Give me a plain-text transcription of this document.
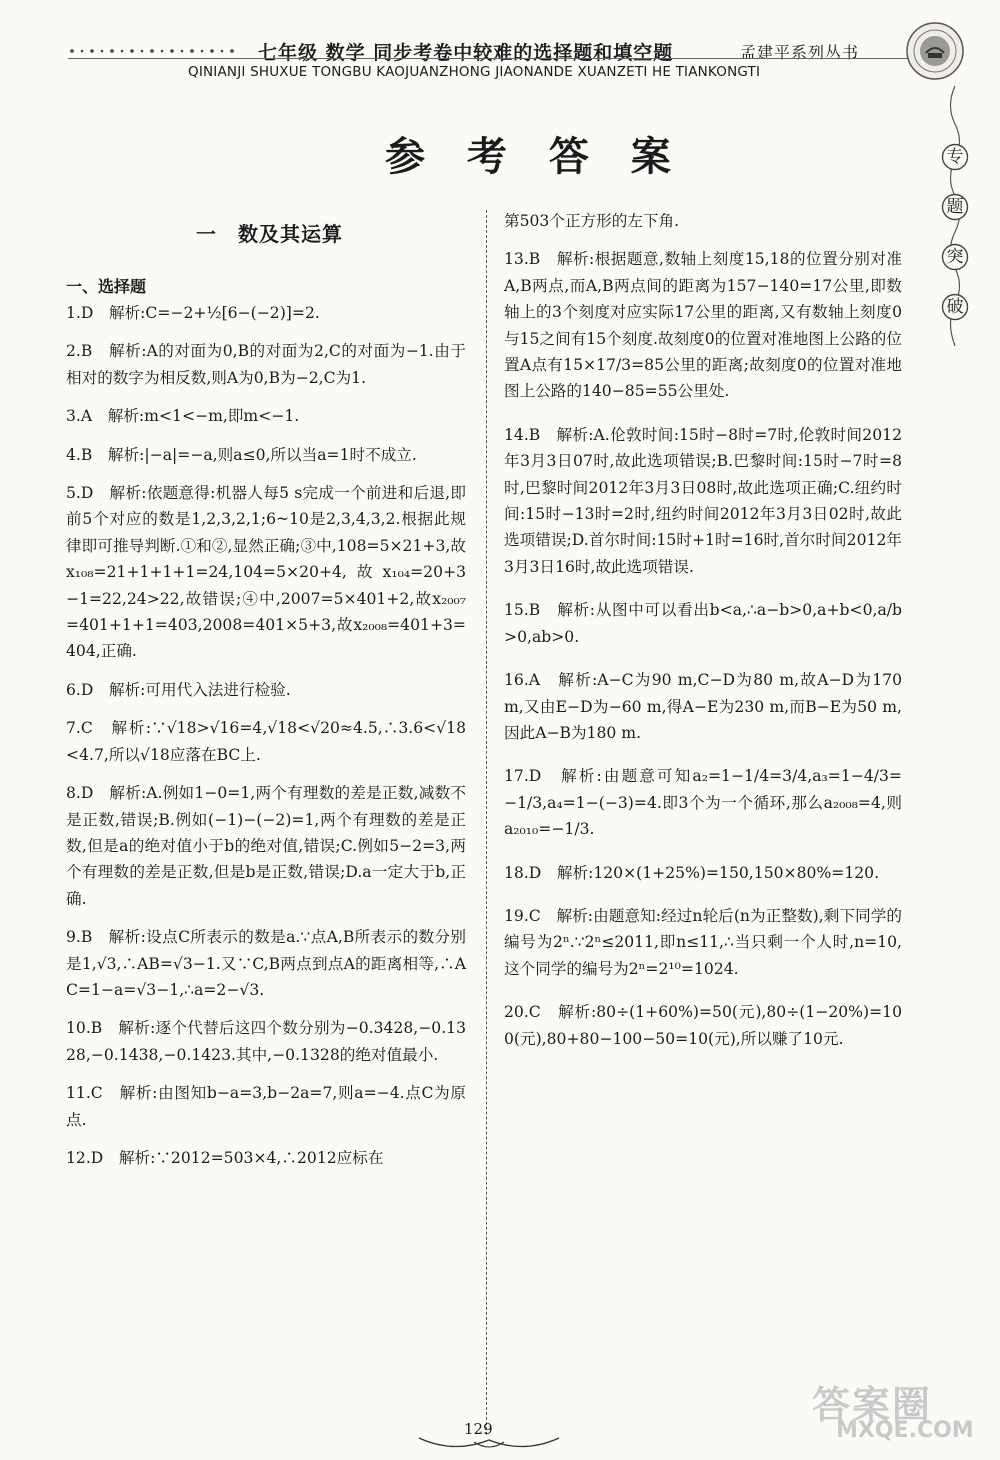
七年级 数学 同步考卷中较难的选择题和填空题	孟建平系列丛书
QINIANJI SHUXUE TONGBU KAOJUANZHONG JIAONANDE XUANZETI HE TIANKONGTI
专
题
突
破
参 考 答 案
一　数及其运算
一、选择题

1.D　解析:C=−2+½[6−(−2)]=2.

2.B　解析:A的对面为0,B的对面为2,C的对面为−1.由于相对的数字为相反数,则A为0,B为−2,C为1.

3.A　解析:m<1<−m,即m<−1.

4.B　解析:|−a|=−a,则a≤0,所以当a=1时不成立.

5.D　解析:依题意得:机器人每5 s完成一个前进和后退,即前5个对应的数是1,2,3,2,1;6~10是2,3,4,3,2.根据此规律即可推导判断.①和②,显然正确;③中,108=5×21+3,故x₁₀₈=21+1+1+1=24,104=5×20+4,故x₁₀₄=20+3−1=22,24>22,故错误;④中,2007=5×401+2,故x₂₀₀₇=401+1+1=403,2008=401×5+3,故x₂₀₀₈=401+3=404,正确.

6.D　解析:可用代入法进行检验.

7.C　解析:∵√18>√16=4,√18<√20≈4.5,∴3.6<√18<4.7,所以√18应落在BC上.

8.D　解析:A.例如1−0=1,两个有理数的差是正数,减数不是正数,错误;B.例如(−1)−(−2)=1,两个有理数的差是正数,但是a的绝对值小于b的绝对值,错误;C.例如5−2=3,两个有理数的差是正数,但是b是正数,错误;D.a一定大于b,正确.

9.B　解析:设点C所表示的数是a.∵点A,B所表示的数分别是1,√3,∴AB=√3−1.又∵C,B两点到点A的距离相等,∴AC=1−a=√3−1,∴a=2−√3.

10.B　解析:逐个代替后这四个数分别为−0.3428,−0.1328,−0.1438,−0.1423.其中,−0.1328的绝对值最小.

11.C　解析:由图知b−a=3,b−2a=7,则a=−4.点C为原点.

12.D　解析:∵2012=503×4,∴2012应标在

第503个正方形的左下角.

13.B　解析:根据题意,数轴上刻度15,18的位置分别对准A,B两点,而A,B两点间的距离为157−140=17公里,即数轴上的3个刻度对应实际17公里的距离,又有数轴上刻度0与15之间有15个刻度.故刻度0的位置对准地图上公路的位置A点有15×17/3=85公里的距离;故刻度0的位置对准地图上公路的140−85=55公里处.

14.B　解析:A.伦敦时间:15时−8时=7时,伦敦时间2012年3月3日07时,故此选项错误;B.巴黎时间:15时−7时=8时,巴黎时间2012年3月3日08时,故此选项正确;C.纽约时间:15时−13时=2时,纽约时间2012年3月3日02时,故此选项错误;D.首尔时间:15时+1时=16时,首尔时间2012年3月3日16时,故此选项错误.

15.B　解析:从图中可以看出b<a,∴a−b>0,a+b<0,a/b>0,ab>0.

16.A　解析:A−C为90 m,C−D为80 m,故A−D为170 m,又由E−D为−60 m,得A−E为230 m,而B−E为50 m,因此A−B为180 m.

17.D　解析:由题意可知a₂=1−1/4=3/4,a₃=1−4/3=−1/3,a₄=1−(−3)=4.即3个为一个循环,那么a₂₀₀₈=4,则a₂₀₁₀=−1/3.

18.D　解析:120×(1+25%)=150,150×80%=120.

19.C　解析:由题意知:经过n轮后(n为正整数),剩下同学的编号为2ⁿ.∵2ⁿ≤2011,即n≤11,∴当只剩一个人时,n=10,这个同学的编号为2ⁿ=2¹⁰=1024.

20.C　解析:80÷(1+60%)=50(元),80÷(1−20%)=100(元),80+80−100−50=10(元),所以赚了10元.

129
答案圈
MXQE.COM
